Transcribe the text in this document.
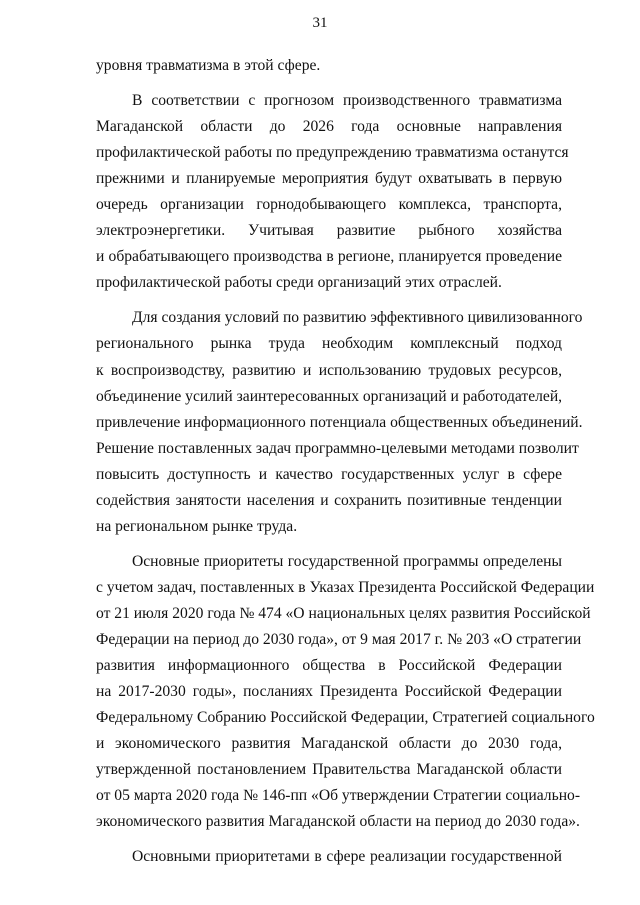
31
уровня травматизма в этой сфере.
В соответствии с прогнозом производственного травматизма
Магаданской области до 2026 года основные направления
профилактической работы по предупреждению травматизма останутся
прежними и планируемые мероприятия будут охватывать в первую
очередь организации горнодобывающего комплекса, транспорта,
электроэнергетики. Учитывая развитие рыбного хозяйства
и обрабатывающего производства в регионе, планируется проведение
профилактической работы среди организаций этих отраслей.
Для создания условий по развитию эффективного цивилизованного
регионального рынка труда необходим комплексный подход
к воспроизводству, развитию и использованию трудовых ресурсов,
объединение усилий заинтересованных организаций и работодателей,
привлечение информационного потенциала общественных объединений.
Решение поставленных задач программно-целевыми методами позволит
повысить доступность и качество государственных услуг в сфере
содействия занятости населения и сохранить позитивные тенденции
на региональном рынке труда.
Основные приоритеты государственной программы определены
с учетом задач, поставленных в Указах Президента Российской Федерации
от 21 июля 2020 года № 474 «О национальных целях развития Российской
Федерации на период до 2030 года», от 9 мая 2017 г. № 203 «О стратегии
развития информационного общества в Российской Федерации
на 2017-2030 годы», посланиях Президента Российской Федерации
Федеральному Собранию Российской Федерации, Стратегией социального
и экономического развития Магаданской области до 2030 года,
утвержденной постановлением Правительства Магаданской области
от 05 марта 2020 года № 146-пп «Об утверждении Стратегии социально-
экономического развития Магаданской области на период до 2030 года».
Основными приоритетами в сфере реализации государственной
